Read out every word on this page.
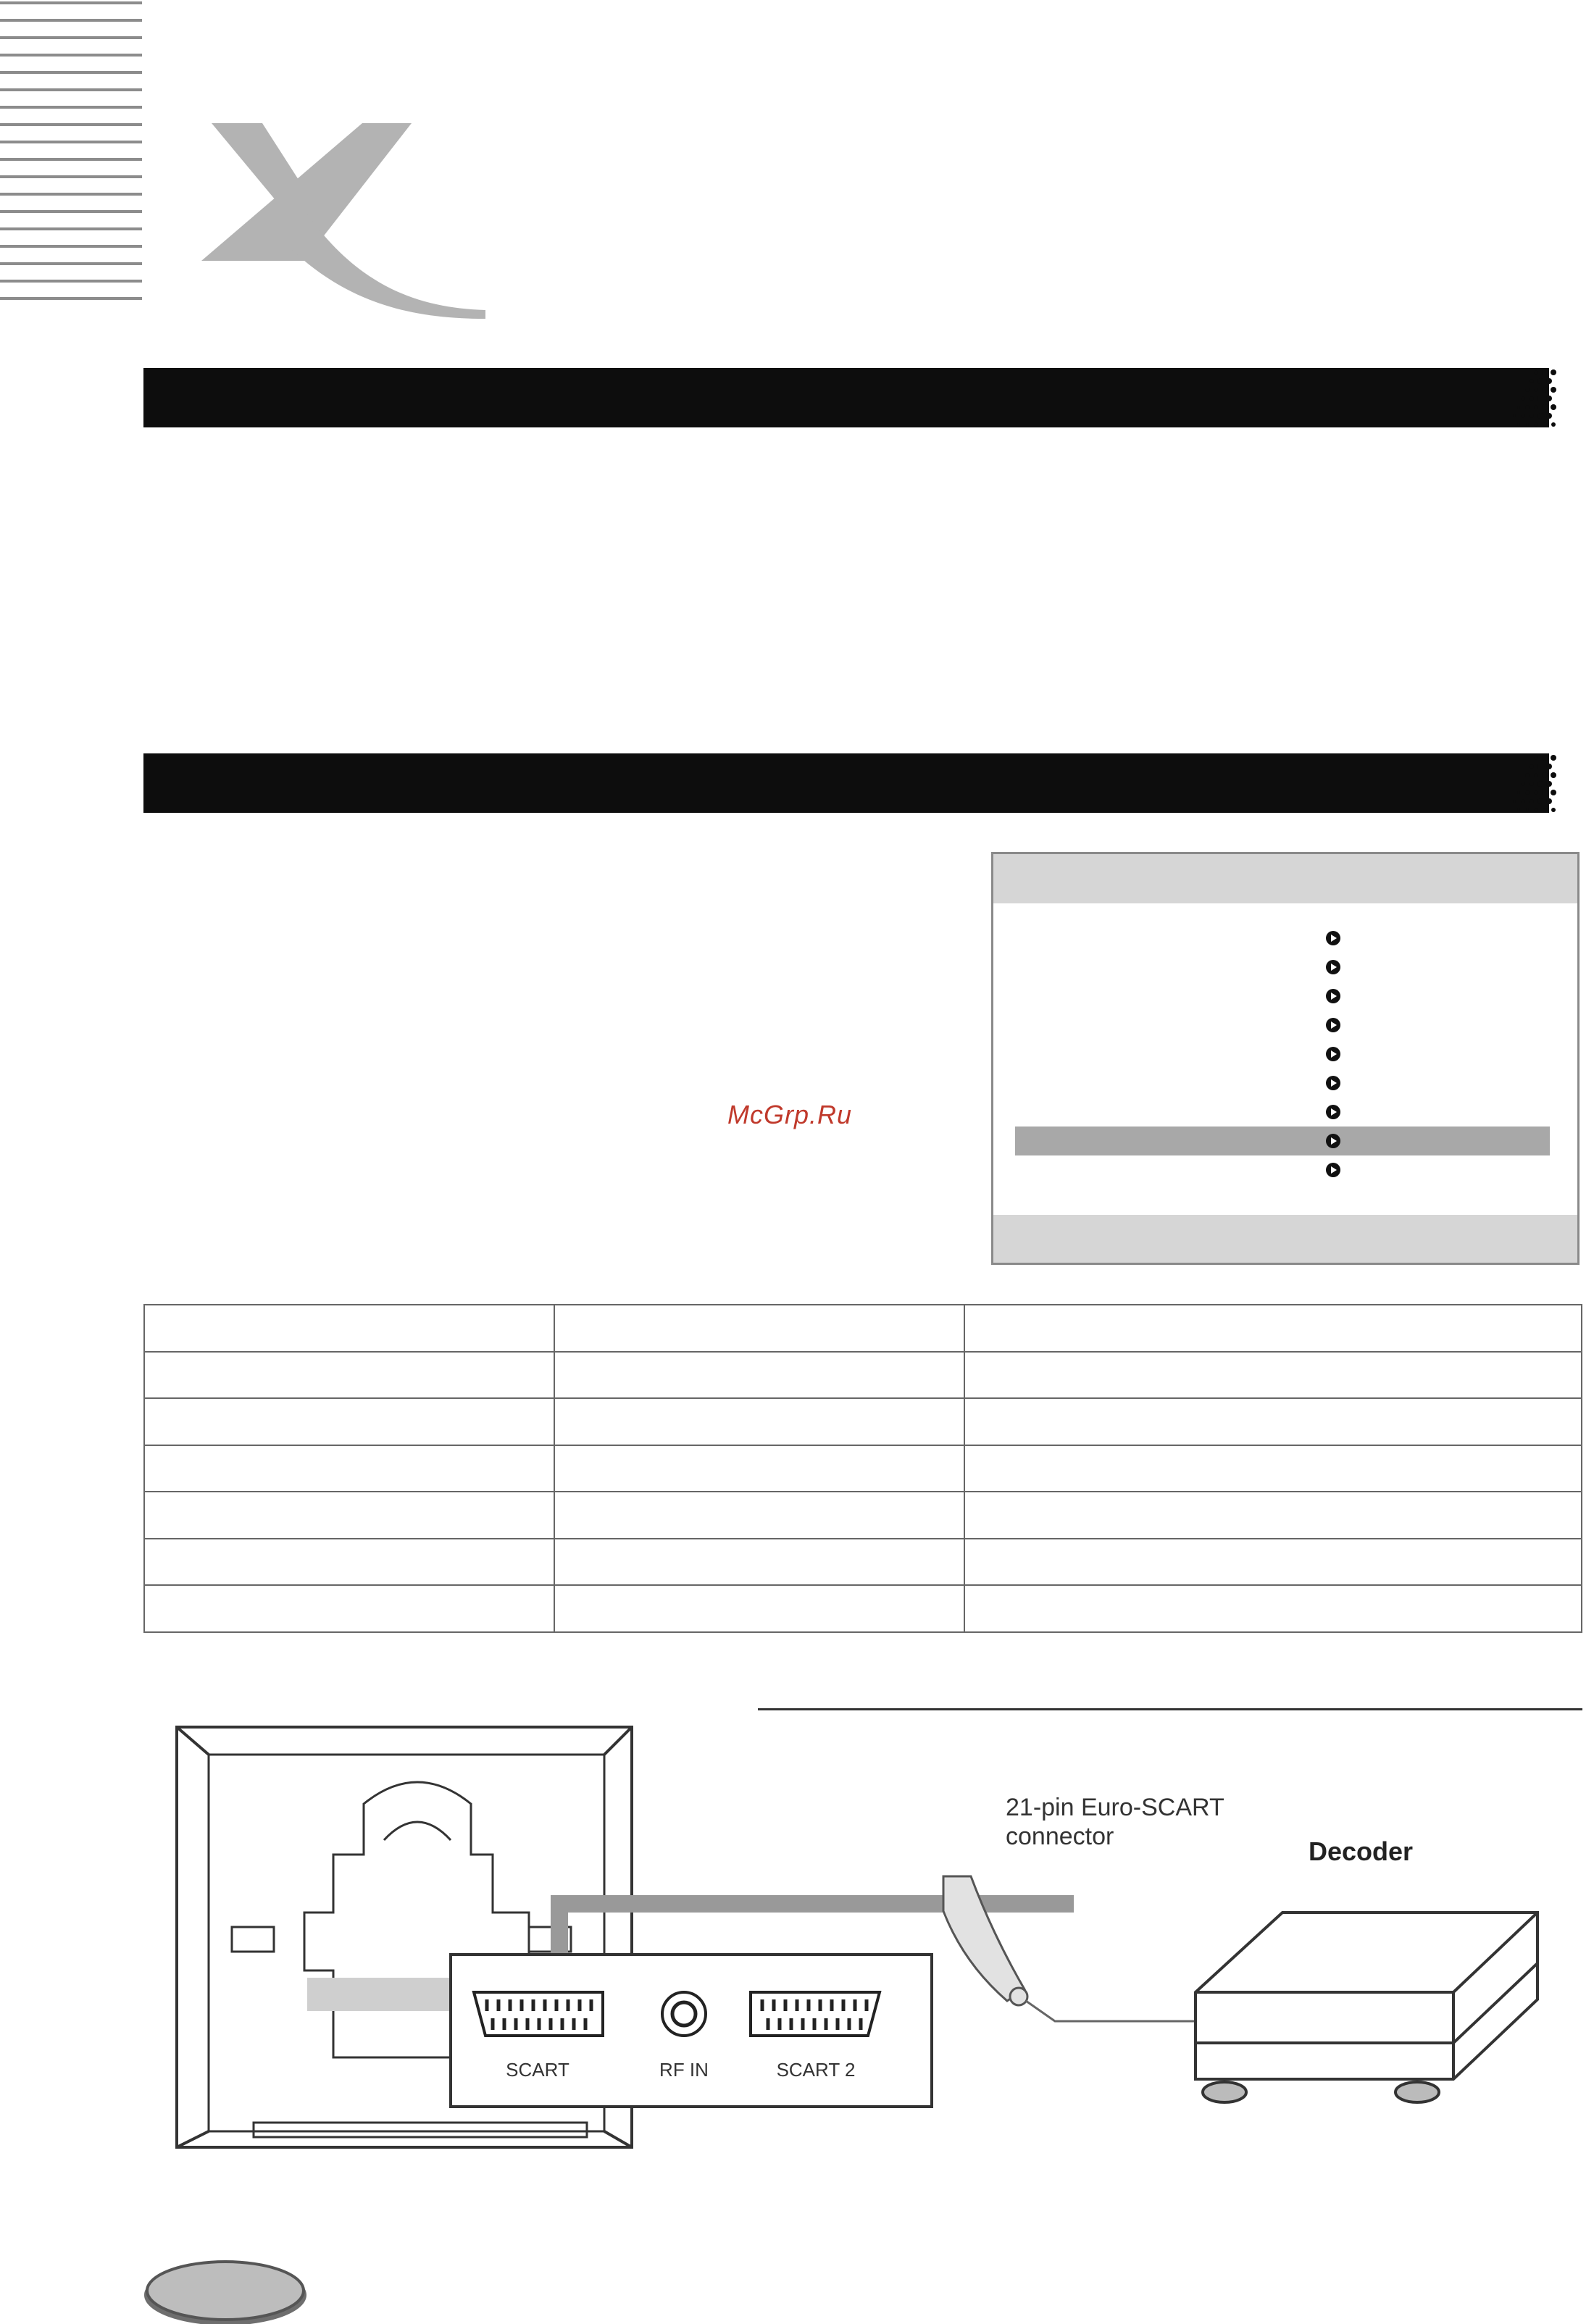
McGrp.Ru

SCART	RF IN	SCART 2
21-pin Euro-SCART
connector	Decoder
